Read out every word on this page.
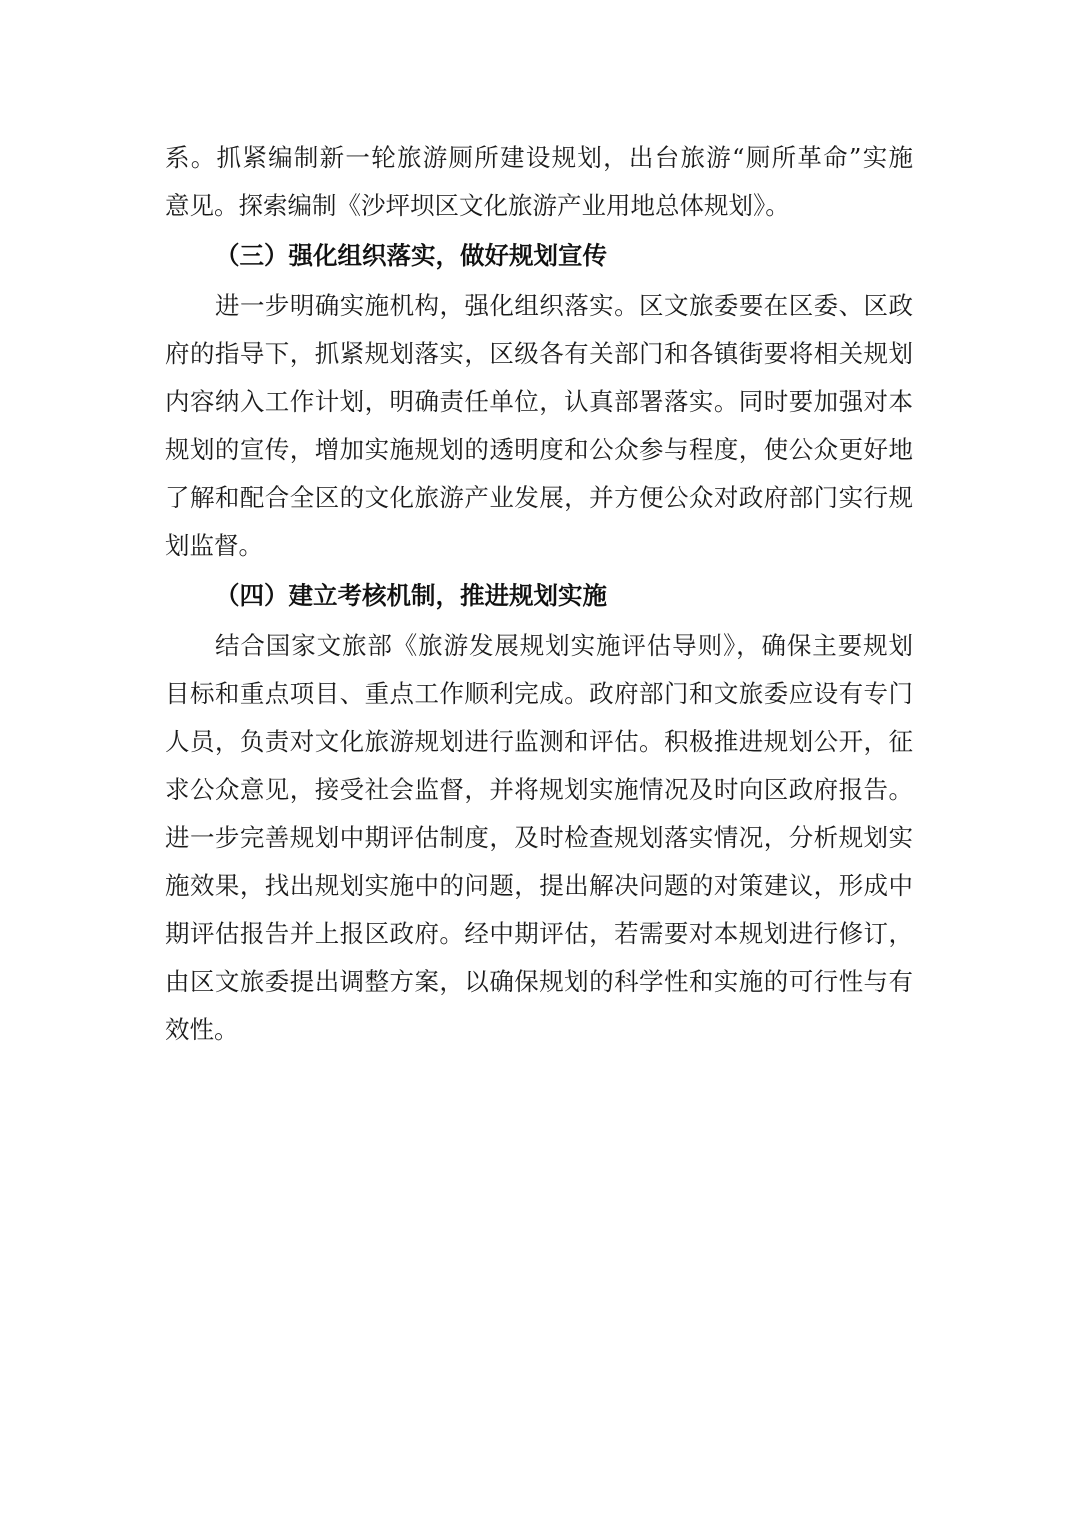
系。抓紧编制新一轮旅游厕所建设规划，出台旅游“厕所革命”实施
意见。探索编制《沙坪坝区文化旅游产业用地总体规划》。
（三）强化组织落实，做好规划宣传
进一步明确实施机构，强化组织落实。区文旅委要在区委、区政
府的指导下，抓紧规划落实，区级各有关部门和各镇街要将相关规划
内容纳入工作计划，明确责任单位，认真部署落实。同时要加强对本
规划的宣传，增加实施规划的透明度和公众参与程度，使公众更好地
了解和配合全区的文化旅游产业发展，并方便公众对政府部门实行规
划监督。
（四）建立考核机制，推进规划实施
结合国家文旅部《旅游发展规划实施评估导则》，确保主要规划
目标和重点项目、重点工作顺利完成。政府部门和文旅委应设有专门
人员，负责对文化旅游规划进行监测和评估。积极推进规划公开，征
求公众意见，接受社会监督，并将规划实施情况及时向区政府报告。
进一步完善规划中期评估制度，及时检查规划落实情况，分析规划实
施效果，找出规划实施中的问题，提出解决问题的对策建议，形成中
期评估报告并上报区政府。经中期评估，若需要对本规划进行修订，
由区文旅委提出调整方案，以确保规划的科学性和实施的可行性与有
效性。
